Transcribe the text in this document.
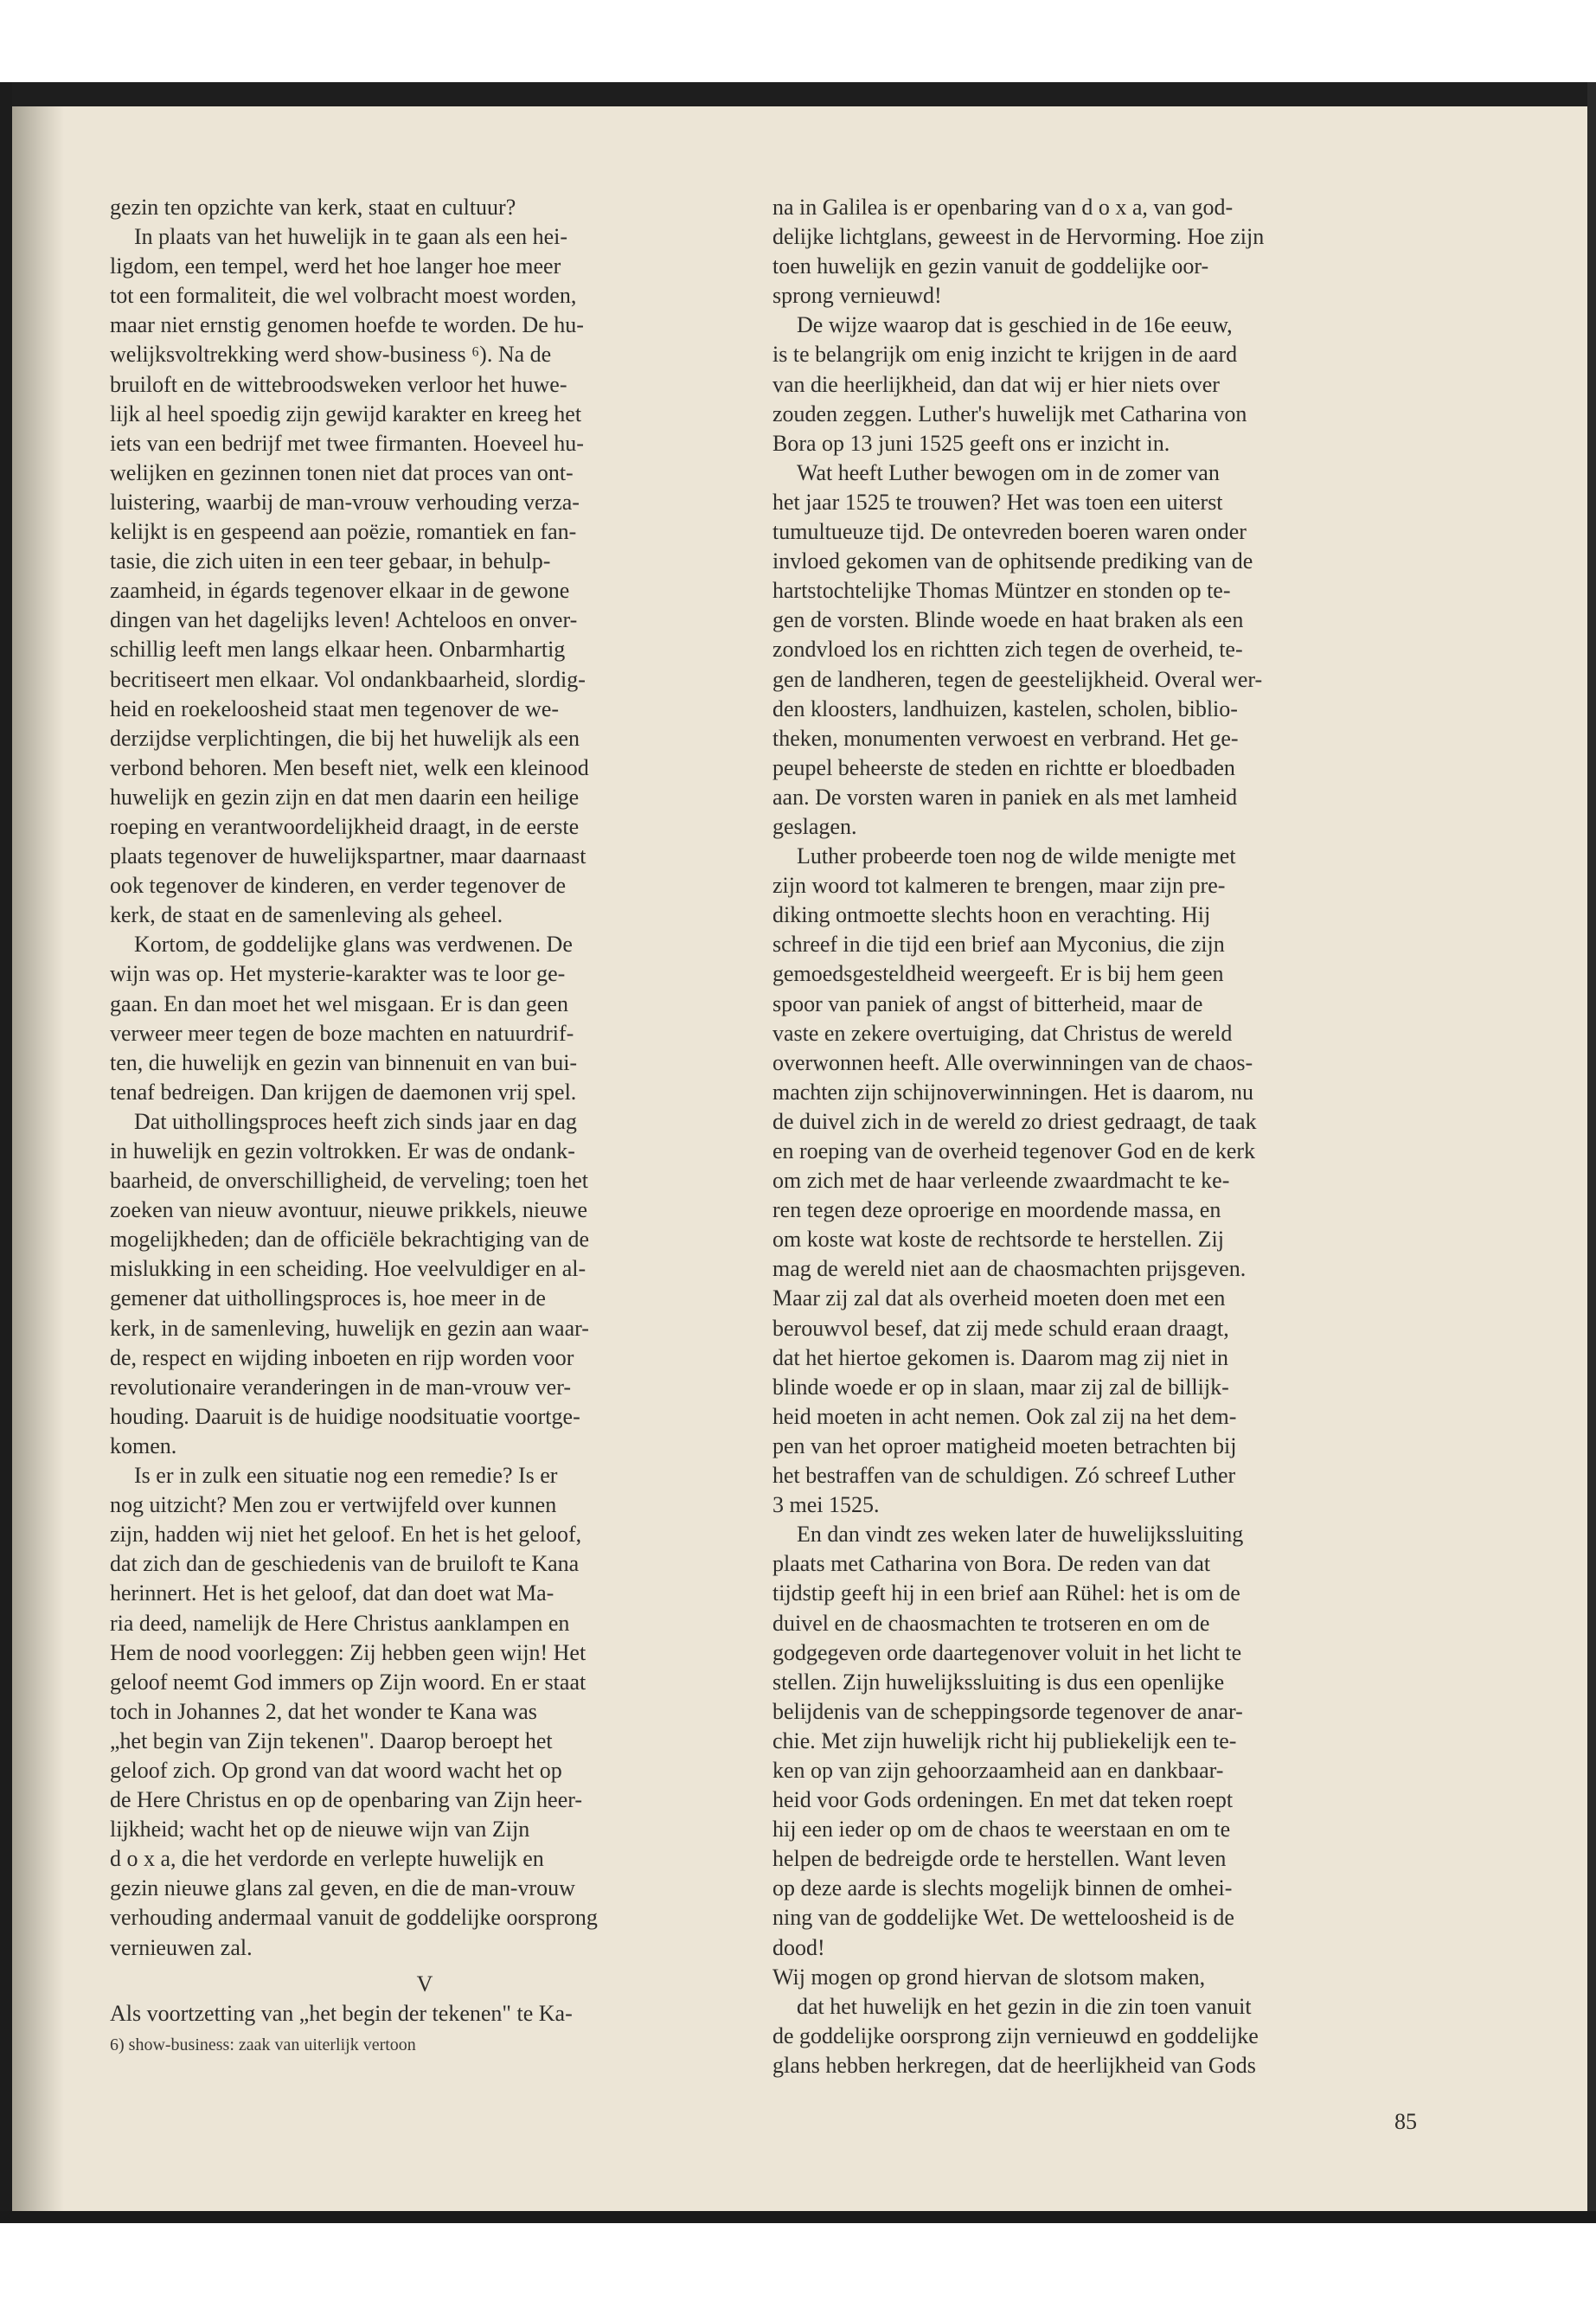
gezin ten opzichte van kerk, staat en cultuur?
In plaats van het huwelijk in te gaan als een hei-
ligdom, een tempel, werd het hoe langer hoe meer
tot een formaliteit, die wel volbracht moest worden,
maar niet ernstig genomen hoefde te worden. De hu-
welijksvoltrekking werd show-business ⁶). Na de
bruiloft en de wittebroodsweken verloor het huwe-
lijk al heel spoedig zijn gewijd karakter en kreeg het
iets van een bedrijf met twee firmanten. Hoeveel hu-
welijken en gezinnen tonen niet dat proces van ont-
luistering, waarbij de man-vrouw verhouding verza-
kelijkt is en gespeend aan poëzie, romantiek en fan-
tasie, die zich uiten in een teer gebaar, in behulp-
zaamheid, in égards tegenover elkaar in de gewone
dingen van het dagelijks leven! Achteloos en onver-
schillig leeft men langs elkaar heen. Onbarmhartig
becritiseert men elkaar. Vol ondankbaarheid, slordig-
heid en roekeloosheid staat men tegenover de we-
derzijdse verplichtingen, die bij het huwelijk als een
verbond behoren. Men beseft niet, welk een kleinood
huwelijk en gezin zijn en dat men daarin een heilige
roeping en verantwoordelijkheid draagt, in de eerste
plaats tegenover de huwelijkspartner, maar daarnaast
ook tegenover de kinderen, en verder tegenover de
kerk, de staat en de samenleving als geheel.
Kortom, de goddelijke glans was verdwenen. De
wijn was op. Het mysterie-karakter was te loor ge-
gaan. En dan moet het wel misgaan. Er is dan geen
verweer meer tegen de boze machten en natuurdrif-
ten, die huwelijk en gezin van binnenuit en van bui-
tenaf bedreigen. Dan krijgen de daemonen vrij spel.
Dat uithollingsproces heeft zich sinds jaar en dag
in huwelijk en gezin voltrokken. Er was de ondank-
baarheid, de onverschilligheid, de verveling; toen het
zoeken van nieuw avontuur, nieuwe prikkels, nieuwe
mogelijkheden; dan de officiële bekrachtiging van de
mislukking in een scheiding. Hoe veelvuldiger en al-
gemener dat uithollingsproces is, hoe meer in de
kerk, in de samenleving, huwelijk en gezin aan waar-
de, respect en wijding inboeten en rijp worden voor
revolutionaire veranderingen in de man-vrouw ver-
houding. Daaruit is de huidige noodsituatie voortge-
komen.
Is er in zulk een situatie nog een remedie? Is er
nog uitzicht? Men zou er vertwijfeld over kunnen
zijn, hadden wij niet het geloof. En het is het geloof,
dat zich dan de geschiedenis van de bruiloft te Kana
herinnert. Het is het geloof, dat dan doet wat Ma-
ria deed, namelijk de Here Christus aanklampen en
Hem de nood voorleggen: Zij hebben geen wijn! Het
geloof neemt God immers op Zijn woord. En er staat
toch in Johannes 2, dat het wonder te Kana was
„het begin van Zijn tekenen". Daarop beroept het
geloof zich. Op grond van dat woord wacht het op
de Here Christus en op de openbaring van Zijn heer-
lijkheid; wacht het op de nieuwe wijn van Zijn
d o x a, die het verdorde en verlepte huwelijk en
gezin nieuwe glans zal geven, en die de man-vrouw
verhouding andermaal vanuit de goddelijke oorsprong
vernieuwen zal.
V
Als voortzetting van „het begin der tekenen" te Ka-
6) show-business: zaak van uiterlijk vertoon
na in Galilea is er openbaring van d o x a, van god-
delijke lichtglans, geweest in de Hervorming. Hoe zijn
toen huwelijk en gezin vanuit de goddelijke oor-
sprong vernieuwd!
De wijze waarop dat is geschied in de 16e eeuw,
is te belangrijk om enig inzicht te krijgen in de aard
van die heerlijkheid, dan dat wij er hier niets over
zouden zeggen. Luther's huwelijk met Catharina von
Bora op 13 juni 1525 geeft ons er inzicht in.
Wat heeft Luther bewogen om in de zomer van
het jaar 1525 te trouwen? Het was toen een uiterst
tumultueuze tijd. De ontevreden boeren waren onder
invloed gekomen van de ophitsende prediking van de
hartstochtelijke Thomas Müntzer en stonden op te-
gen de vorsten. Blinde woede en haat braken als een
zondvloed los en richtten zich tegen de overheid, te-
gen de landheren, tegen de geestelijkheid. Overal wer-
den kloosters, landhuizen, kastelen, scholen, biblio-
theken, monumenten verwoest en verbrand. Het ge-
peupel beheerste de steden en richtte er bloedbaden
aan. De vorsten waren in paniek en als met lamheid
geslagen.
Luther probeerde toen nog de wilde menigte met
zijn woord tot kalmeren te brengen, maar zijn pre-
diking ontmoette slechts hoon en verachting. Hij
schreef in die tijd een brief aan Myconius, die zijn
gemoedsgesteldheid weergeeft. Er is bij hem geen
spoor van paniek of angst of bitterheid, maar de
vaste en zekere overtuiging, dat Christus de wereld
overwonnen heeft. Alle overwinningen van de chaos-
machten zijn schijnoverwinningen. Het is daarom, nu
de duivel zich in de wereld zo driest gedraagt, de taak
en roeping van de overheid tegenover God en de kerk
om zich met de haar verleende zwaardmacht te ke-
ren tegen deze oproerige en moordende massa, en
om koste wat koste de rechtsorde te herstellen. Zij
mag de wereld niet aan de chaosmachten prijsgeven.
Maar zij zal dat als overheid moeten doen met een
berouwvol besef, dat zij mede schuld eraan draagt,
dat het hiertoe gekomen is. Daarom mag zij niet in
blinde woede er op in slaan, maar zij zal de billijk-
heid moeten in acht nemen. Ook zal zij na het dem-
pen van het oproer matigheid moeten betrachten bij
het bestraffen van de schuldigen. Zó schreef Luther
3 mei 1525.
En dan vindt zes weken later de huwelijkssluiting
plaats met Catharina von Bora. De reden van dat
tijdstip geeft hij in een brief aan Rühel: het is om de
duivel en de chaosmachten te trotseren en om de
godgegeven orde daartegenover voluit in het licht te
stellen. Zijn huwelijkssluiting is dus een openlijke
belijdenis van de scheppingsorde tegenover de anar-
chie. Met zijn huwelijk richt hij publiekelijk een te-
ken op van zijn gehoorzaamheid aan en dankbaar-
heid voor Gods ordeningen. En met dat teken roept
hij een ieder op om de chaos te weerstaan en om te
helpen de bedreigde orde te herstellen. Want leven
op deze aarde is slechts mogelijk binnen de omhei-
ning van de goddelijke Wet. De wetteloosheid is de
dood!
Wij mogen op grond hiervan de slotsom maken,
dat het huwelijk en het gezin in die zin toen vanuit
de goddelijke oorsprong zijn vernieuwd en goddelijke
glans hebben herkregen, dat de heerlijkheid van Gods
85
